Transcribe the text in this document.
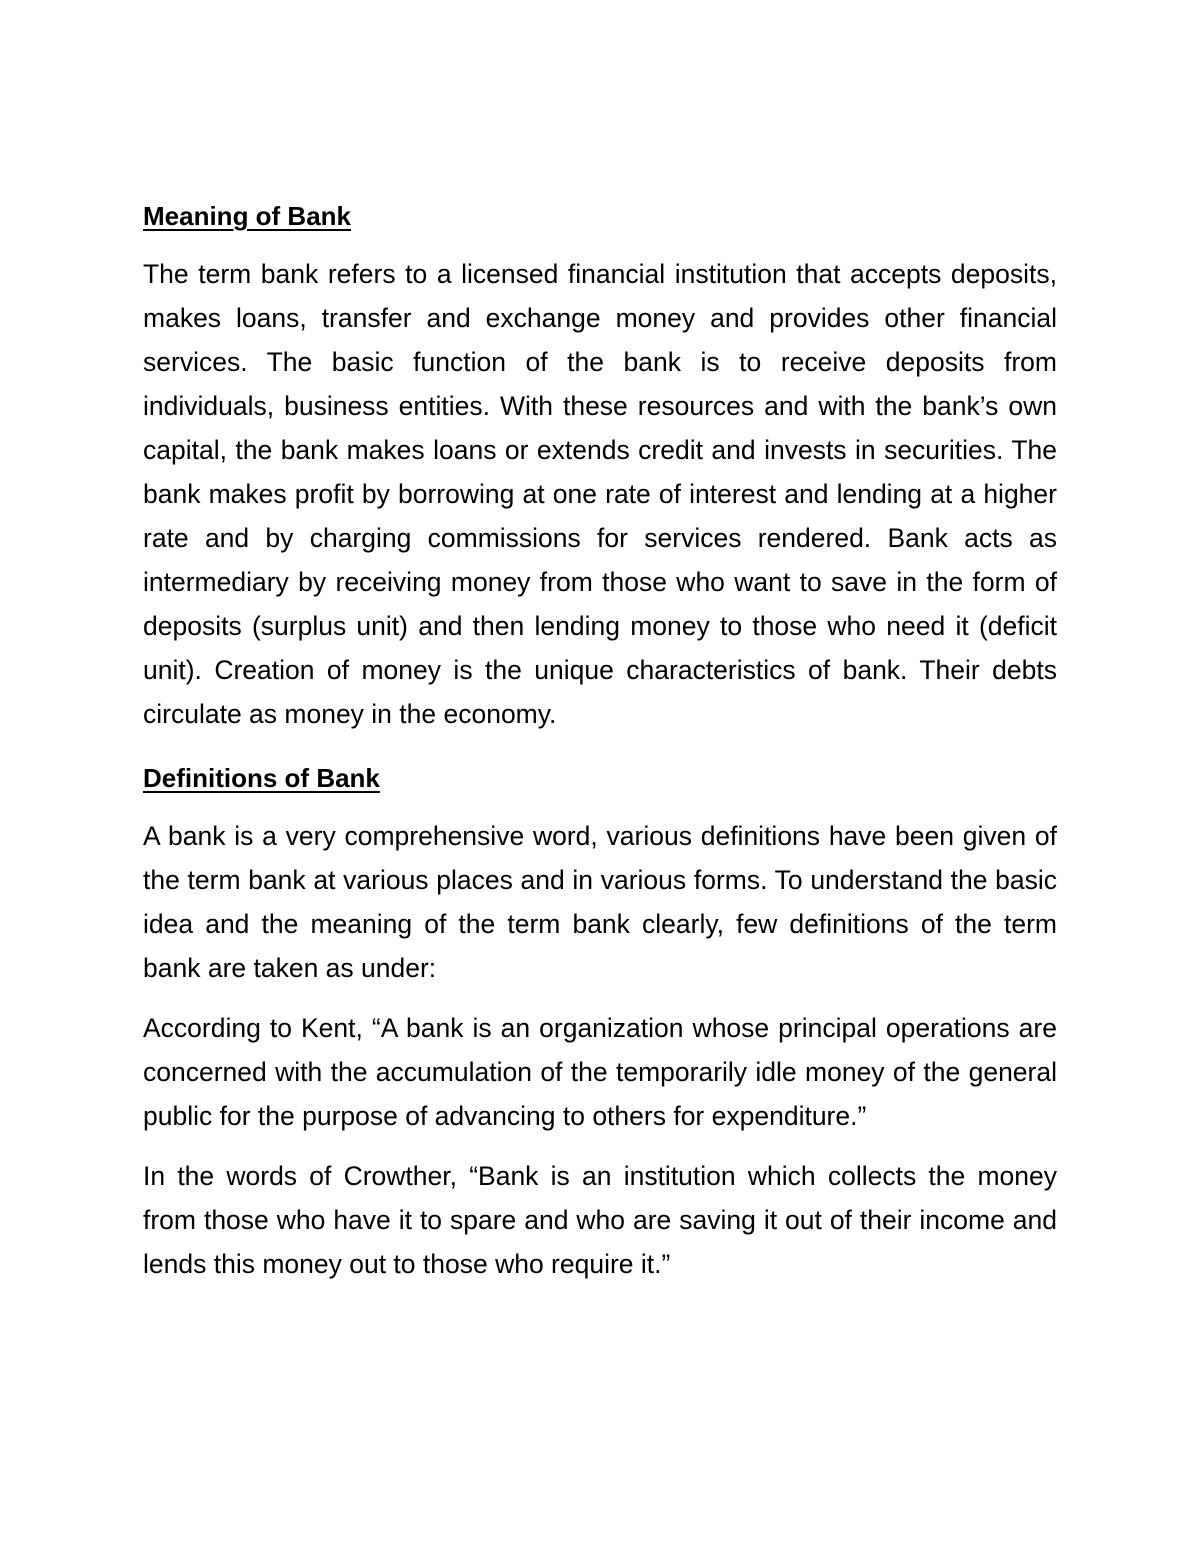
Meaning of Bank

The term bank refers to a licensed financial institution that accepts deposits, makes loans, transfer and exchange money and provides other financial services. The basic function of the bank is to receive deposits from individuals, business entities. With these resources and with the bank’s own capital, the bank makes loans or extends credit and invests in securities. The bank makes profit by borrowing at one rate of interest and lending at a higher rate and by charging commissions for services rendered. Bank acts as intermediary by receiving money from those who want to save in the form of deposits (surplus unit) and then lending money to those who need it (deficit unit). Creation of money is the unique characteristics of bank. Their debts circulate as money in the economy.

Definitions of Bank

A bank is a very comprehensive word, various definitions have been given of the term bank at various places and in various forms. To understand the basic idea and the meaning of the term bank clearly, few definitions of the term bank are taken as under:

According to Kent, “A bank is an organization whose principal operations are concerned with the accumulation of the temporarily idle money of the general public for the purpose of advancing to others for expenditure.”

In the words of Crowther, “Bank is an institution which collects the money from those who have it to spare and who are saving it out of their income and lends this money out to those who require it.”
